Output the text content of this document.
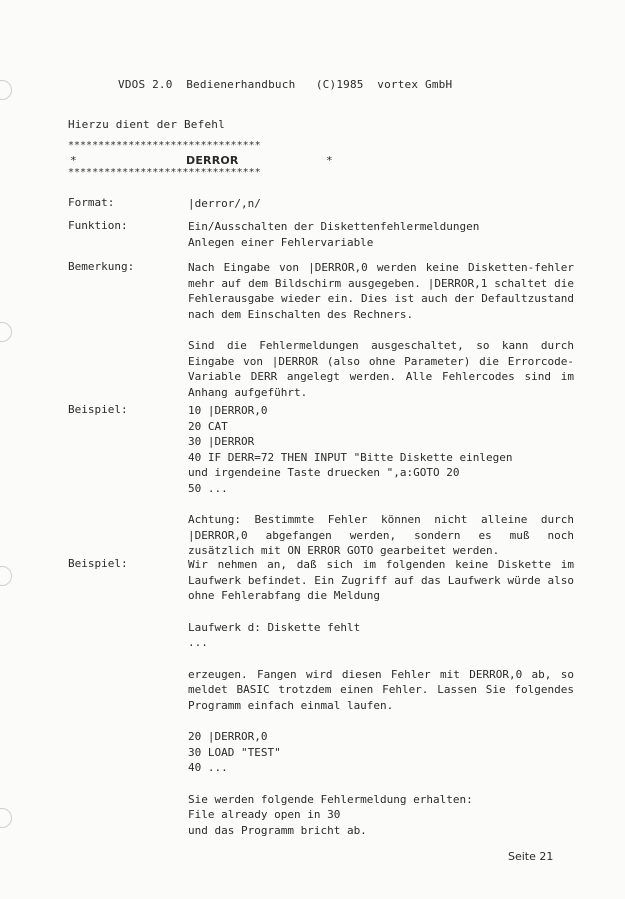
VDOS 2.0  Bedienerhandbuch   (C)1985  vortex GmbH
Hierzu dient der Befehl
********************************
*	DERROR	*
********************************
Format:	|derror/,n/

Funktion:	Ein/Ausschalten der Diskettenfehlermeldungen

Anlegen einer Fehlervariable

Bemerkung:	Nach Eingabe von |DERROR,0 werden keine Disketten-fehler mehr auf dem Bildschirm ausgegeben. |DERROR,1 schaltet die Fehlerausgabe wieder ein. Dies ist auch der Defaultzustand nach dem Einschalten des Rechners.

Sind die Fehlermeldungen ausgeschaltet, so kann durch Eingabe von |DERROR (also ohne Parameter) die Errorcode-Variable DERR angelegt werden. Alle Fehlercodes sind im Anhang aufgeführt.

Beispiel:	10 |DERROR,0

20 CAT

30 |DERROR

40 IF DERR=72 THEN INPUT "Bitte Diskette einlegen

und irgendeine Taste druecken ",a:GOTO 20

50 ...

Achtung: Bestimmte Fehler können nicht alleine durch |DERROR,0 abgefangen werden, sondern es muß noch zusätzlich mit ON ERROR GOTO gearbeitet werden.

Beispiel:	Wir nehmen an, daß sich im folgenden keine Diskette im Laufwerk befindet. Ein Zugriff auf das Laufwerk würde also ohne Fehlerabfang die Meldung

Laufwerk d: Diskette fehlt

...

erzeugen. Fangen wird diesen Fehler mit DERROR,0 ab, so meldet BASIC trotzdem einen Fehler. Lassen Sie folgendes Programm einfach einmal laufen.

20 |DERROR,0

30 LOAD "TEST"

40 ...

Sie werden folgende Fehlermeldung erhalten:

File already open in 30

und das Programm bricht ab.

Seite 21
